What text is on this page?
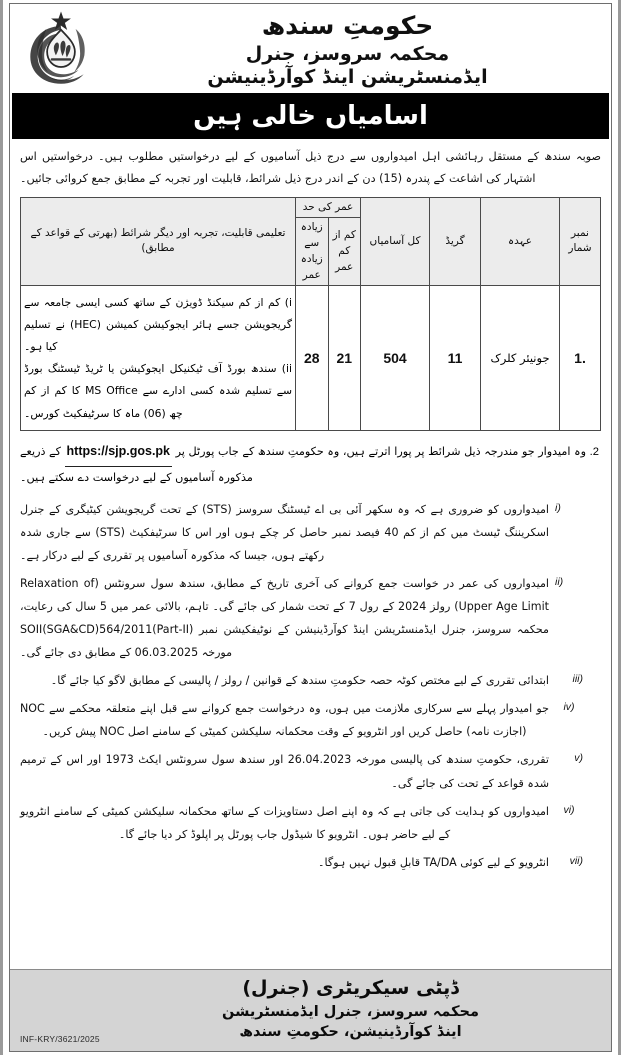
حکومتِ سندھ
محکمہ سروسز، جنرل
ایڈمنسٹریشن اینڈ کوآرڈینیشن
اسامیاں خالی ہیں
صوبہ سندھ کے مستقل رہائشی اہل امیدواروں سے درج ذیل آسامیوں کے لیے درخواستیں مطلوب ہیں۔ درخواستیں اس اشتہار کی اشاعت کے پندرہ (15) دن کے اندر درج ذیل شرائط، قابلیت اور تجربہ کے مطابق جمع کروائی جائیں۔
نمبر شمار	عہدہ	گریڈ	کل آسامیاں	عمر کی حد		تعلیمی قابلیت، تجربہ اور دیگر شرائط (بھرتی کے قواعد کے مطابق)
				کم از کم عمر	زیادہ سے زیادہ عمر	
1.	جونیئر کلرک	11	504	21	28	i) کم از کم سیکنڈ ڈویژن کے ساتھ کسی ایسی جامعہ سے گریجویشن جسے ہائر ایجوکیشن کمیشن (HEC) نے تسلیم کیا ہو۔
ii) سندھ بورڈ آف ٹیکنیکل ایجوکیشن یا ٹریڈ ٹیسٹنگ بورڈ سے تسلیم شدہ کسی ادارے سے MS Office کا کم از کم چھ (06) ماہ کا سرٹیفکیٹ کورس۔
2. وہ امیدوار جو مندرجہ ذیل شرائط پر پورا اترتے ہیں، وہ حکومتِ سندھ کے جاب پورٹل پر https://sjp.gos.pk کے ذریعے مذکورہ آسامیوں کے لیے درخواست دے سکتے ہیں۔
i)
امیدواروں کو ضروری ہے کہ وہ سکھر آئی بی اے ٹیسٹنگ سروسز (STS) کے تحت گریجویشن کیٹیگری کے جنرل اسکریننگ ٹیسٹ میں کم از کم 40 فیصد نمبر حاصل کر چکے ہوں اور اس کا سرٹیفکیٹ (STS) سے جاری شدہ رکھتے ہوں، جیسا کہ مذکورہ آسامیوں پر تقرری کے لیے درکار ہے۔
ii)
امیدواروں کی عمر در خواست جمع کروانے کی آخری تاریخ کے مطابق، سندھ سول سرونٹس (Relaxation of Upper Age Limit) رولز 2024 کے رول 7 کے تحت شمار کی جائے گی۔ تاہم، بالائی عمر میں 5 سال کی رعایت، محکمہ سروسز، جنرل ایڈمنسٹریشن اینڈ کوآرڈینیشن کے نوٹیفکیشن نمبر SOII(SGA&CD)564/2011(Part-II) مورخہ 06.03.2025 کے مطابق دی جائے گی۔
iii)
ابتدائی تقرری کے لیے مختص کوٹہ حصہ حکومتِ سندھ کے قوانین / رولز / پالیسی کے مطابق لاگو کیا جائے گا۔
iv)
جو امیدوار پہلے سے سرکاری ملازمت میں ہوں، وہ درخواست جمع کروانے سے قبل اپنے متعلقہ محکمے سے NOC (اجازت نامہ) حاصل کریں اور انٹرویو کے وقت محکمانہ سلیکشن کمیٹی کے سامنے اصل NOC پیش کریں۔
v)
تقرری، حکومتِ سندھ کی پالیسی مورخہ 26.04.2023 اور سندھ سول سرونٹس ایکٹ 1973 اور اس کے ترمیم شدہ قواعد کے تحت کی جائے گی۔
vi)
امیدواروں کو ہدایت کی جاتی ہے کہ وہ اپنے اصل دستاویزات کے ساتھ محکمانہ سلیکشن کمیٹی کے سامنے انٹرویو کے لیے حاضر ہوں۔ انٹرویو کا شیڈول جاب پورٹل پر اپلوڈ کر دیا جائے گا۔
vii)
انٹرویو کے لیے کوئی TA/DA قابلِ قبول نہیں ہوگا۔
ڈپٹی سیکریٹری (جنرل)
محکمہ سروسز، جنرل ایڈمنسٹریشن
اینڈ کوآرڈینیشن، حکومتِ سندھ
INF-KRY/3621/2025
